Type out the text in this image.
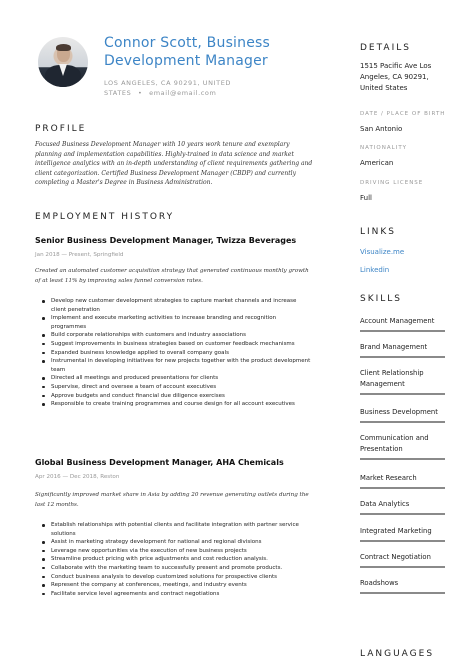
Connor Scott, Business
Development Manager
LOS ANGELES, CA 90291, UNITED
STATES • email@email.com
PROFILE
Focused Business Development Manager with 10 years work tenure and exemplary planning and implementation capabilities. Highly-trained in data science and market intelligence analytics with an in-depth understanding of client requirements gathering and client categorization. Certified Business Development Manager (CBDP) and currently completing a Master's Degree in Business Administration.
EMPLOYMENT HISTORY
Senior Business Development Manager, Twizza Beverages
Jan 2018 — Present, Springfield
Created an automated customer acquisition strategy that generated continuous monthly growth of at least 11% by improving sales funnel conversion rates.
Develop new customer development strategies to capture market channels and increase client penetration
Implement and execute marketing activities to increase branding and recognition programmes
Build corporate relationships with customers and industry associations
Suggest improvements in business strategies based on customer feedback mechanisms
Expanded business knowledge applied to overall company goals
Instrumental in developing initiatives for new projects together with the product development team
Directed all meetings and produced presentations for clients
Supervise, direct and oversee a team of account executives
Approve budgets and conduct financial due diligence exercises
Responsible to create training programmes and course design for all account executives
Global Business Development Manager, AHA Chemicals
Apr 2016 — Dec 2018, Reston
Significantly improved market share in Asia by adding 20 revenue generating outlets during the last 12 months.
Establish relationships with potential clients and facilitate integration with partner service solutions
Assist in marketing strategy development for national and regional divisions
Leverage new opportunities via the execution of new business projects
Streamline product pricing with price adjustments and cost reduction analysis.
Collaborate with the marketing team to successfully present and promote products.
Conduct business analysis to develop customized solutions for prospective clients
Represent the company at conferences, meetings, and industry events
Facilitate service level agreements and contract negotiations
DETAILS
1515 Pacific Ave Los Angeles, CA 90291, United States
DATE / PLACE OF BIRTH
San Antonio
NATIONALITY
American
DRIVING LICENSE
Full
LINKS
Visualize.me
Linkedin
SKILLS
Account Management
Brand Management
Client Relationship Management
Business Development
Communication and Presentation
Market Research
Data Analytics
Integrated Marketing
Contract Negotiation
Roadshows
LANGUAGES
